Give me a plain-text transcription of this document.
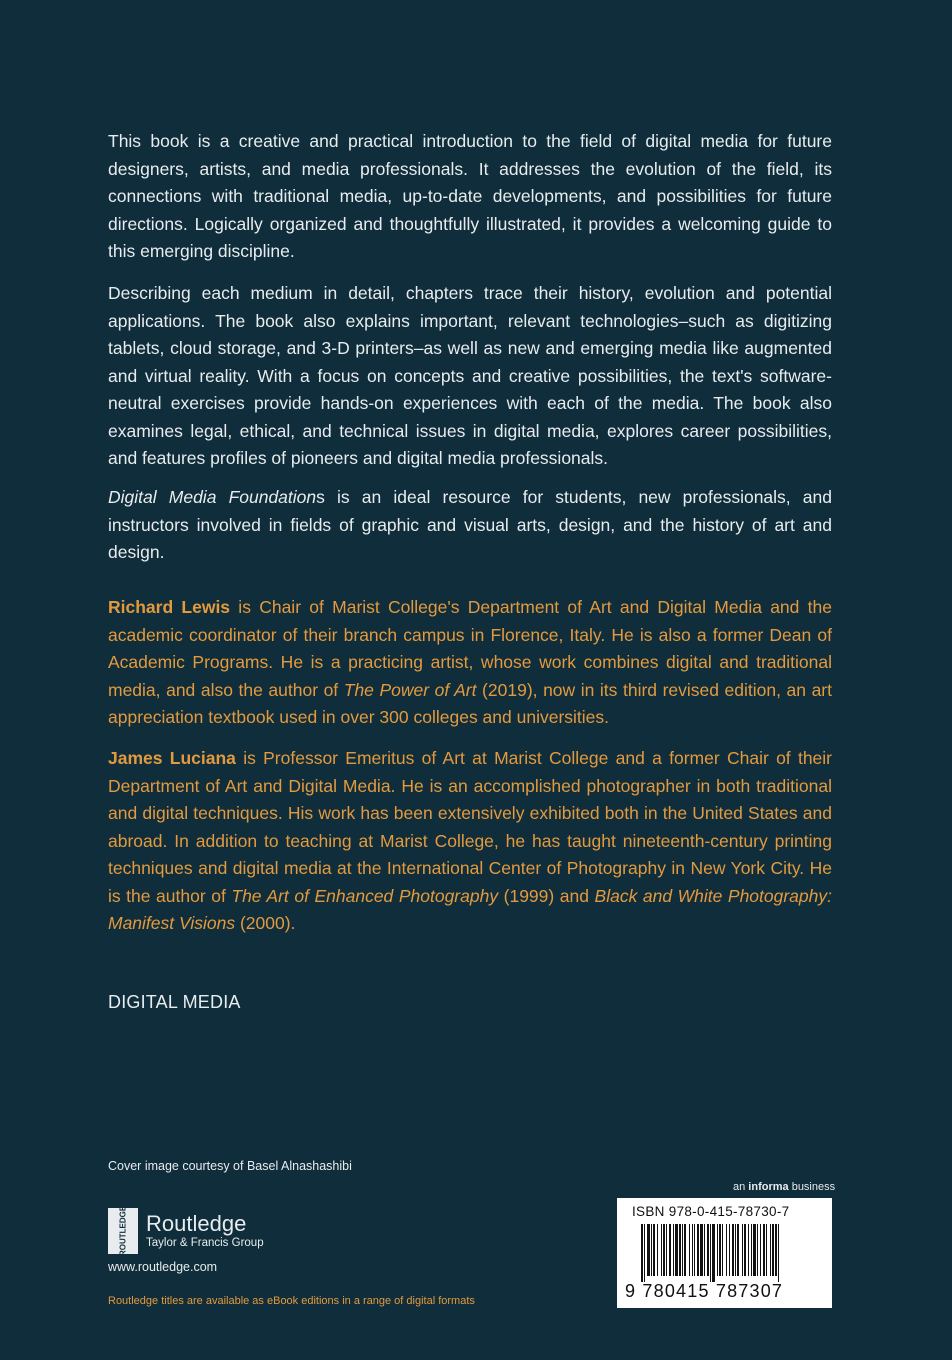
This book is a creative and practical introduction to the field of digital media for future designers, artists, and media professionals. It addresses the evolution of the field, its connections with traditional media, up-to-date developments, and possibilities for future directions. Logically organized and thoughtfully illustrated, it provides a welcoming guide to this emerging discipline.

Describing each medium in detail, chapters trace their history, evolution and potential applications. The book also explains important, relevant technologies–such as digitizing tablets, cloud storage, and 3-D printers–as well as new and emerging media like augmented and virtual reality. With a focus on concepts and creative possibilities, the text's software-neutral exercises provide hands-on experiences with each of the media. The book also examines legal, ethical, and technical issues in digital media, explores career possibilities, and features profiles of pioneers and digital media professionals.

Digital Media Foundations is an ideal resource for students, new professionals, and instructors involved in fields of graphic and visual arts, design, and the history of art and design.

Richard Lewis is Chair of Marist College's Department of Art and Digital Media and the academic coordinator of their branch campus in Florence, Italy. He is also a former Dean of Academic Programs. He is a practicing artist, whose work combines digital and traditional media, and also the author of The Power of Art (2019), now in its third revised edition, an art appreciation textbook used in over 300 colleges and universities.

James Luciana is Professor Emeritus of Art at Marist College and a former Chair of their Department of Art and Digital Media. He is an accomplished photographer in both traditional and digital techniques. His work has been extensively exhibited both in the United States and abroad. In addition to teaching at Marist College, he has taught nineteenth-century printing techniques and digital media at the International Center of Photography in New York City. He is the author of The Art of Enhanced Photography (1999) and Black and White Photography: Manifest Visions (2000).

DIGITAL MEDIA

Cover image courtesy of Basel Alnashashibi

ROUTLEDGE Routledge
Taylor & Francis Group

www.routledge.com

Routledge titles are available as eBook editions in a range of digital formats

an informa business

ISBN 978-0-415-78730-7

9 780415 787307
